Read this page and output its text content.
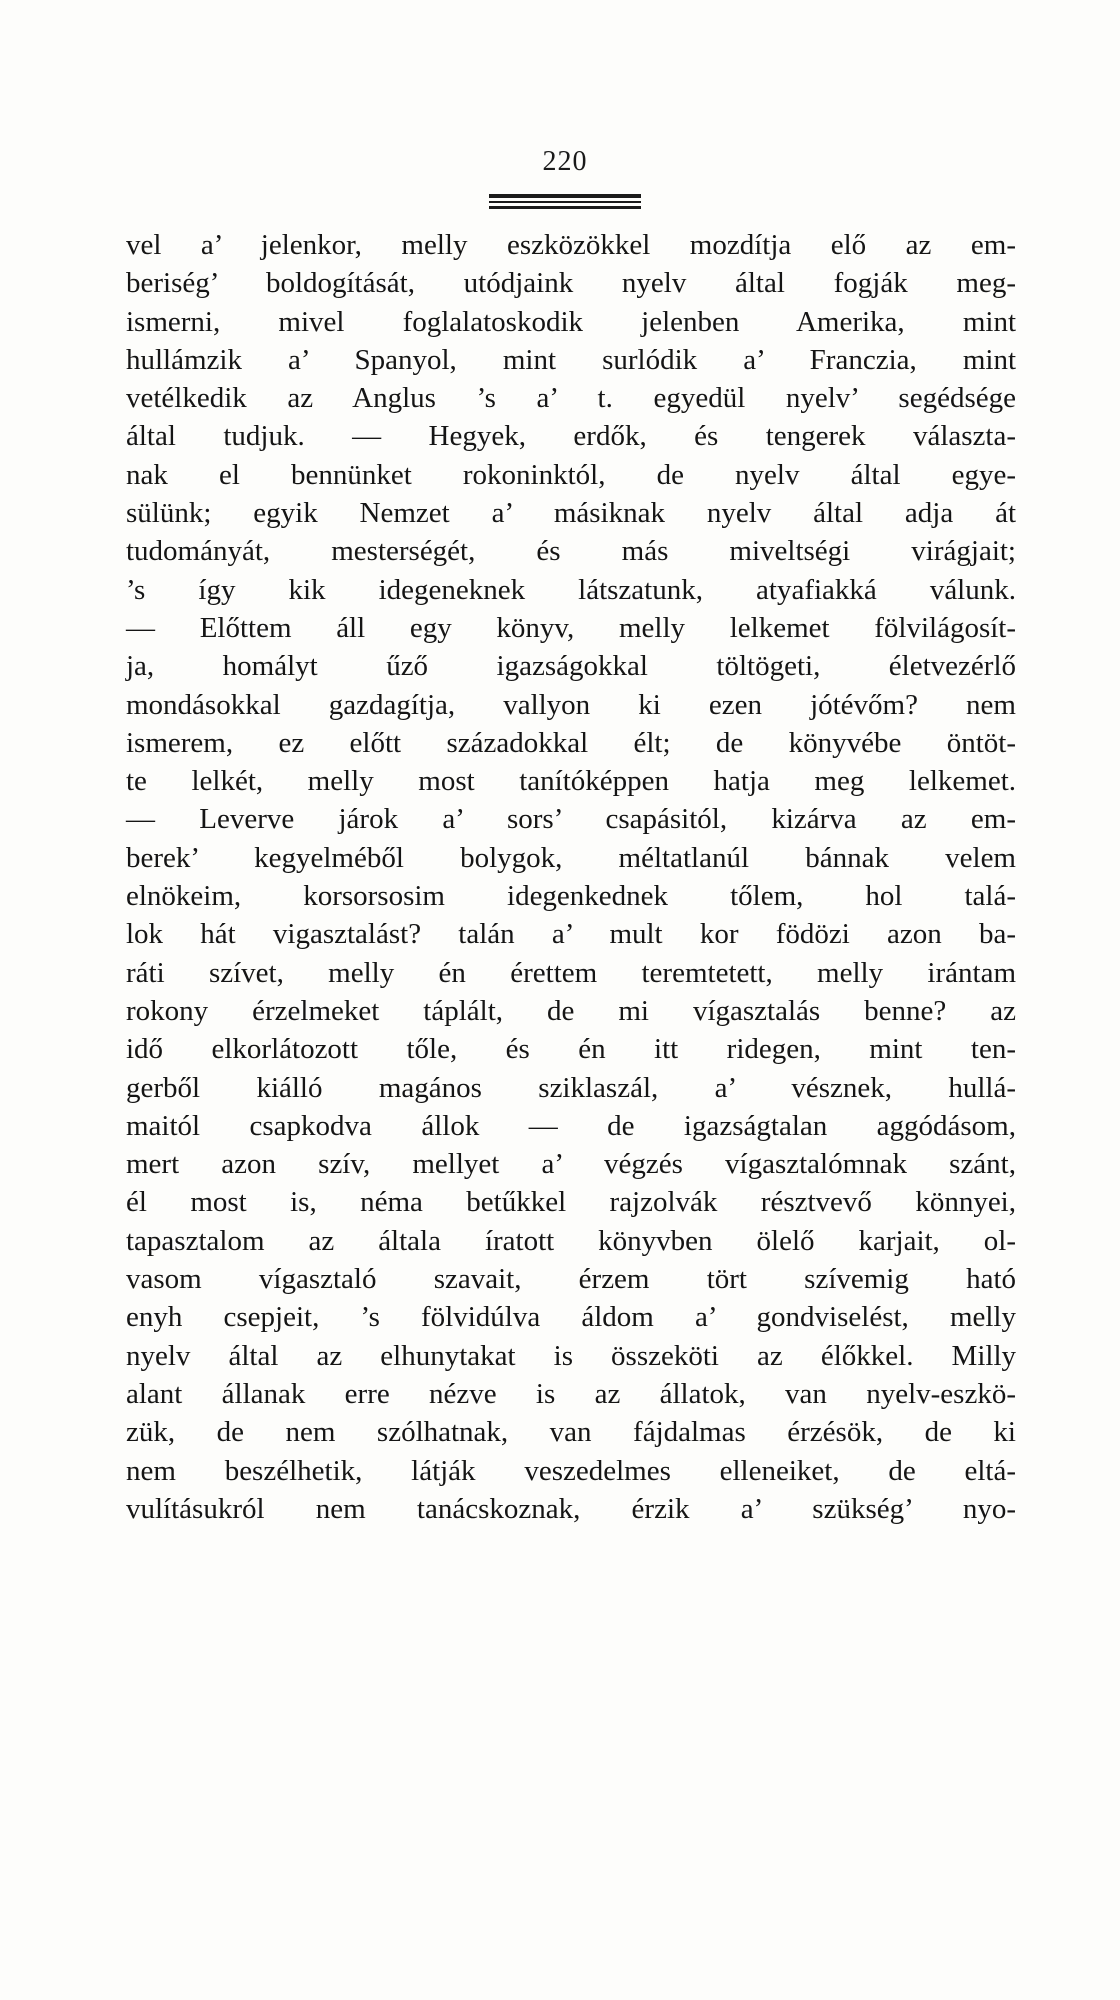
220
vel a’ jelenkor, melly eszközökkel mozdítja elő az em-
beriség’ boldogítását, utódjaink nyelv által fogják meg-
ismerni, mivel foglalatoskodik jelenben Amerika, mint
hullámzik a’ Spanyol, mint surlódik a’ Franczia, mint
vetélkedik az Anglus ’s a’ t. egyedül nyelv’ segédsége
által tudjuk. — Hegyek, erdők, és tengerek választa-
nak el bennünket rokoninktól, de nyelv által egye-
sülünk; egyik Nemzet a’ másiknak nyelv által adja át
tudományát, mesterségét, és más miveltségi virágjait;
’s így kik idegeneknek látszatunk, atyafiakká válunk.
— Előttem áll egy könyv, melly lelkemet fölvilágosít-
ja, homályt űző igazságokkal töltögeti, életvezérlő
mondásokkal gazdagítja, vallyon ki ezen jótévőm? nem
ismerem, ez előtt századokkal élt; de könyvébe öntöt-
te lelkét, melly most tanítóképpen hatja meg lelkemet.
— Leverve járok a’ sors’ csapásitól, kizárva az em-
berek’ kegyelméből bolygok, méltatlanúl bánnak velem
elnökeim, korsorsosim idegenkednek tőlem, hol talá-
lok hát vigasztalást? talán a’ mult kor födözi azon ba-
ráti szívet, melly én érettem teremtetett, melly irántam
rokony érzelmeket táplált, de mi vígasztalás benne? az
idő elkorlátozott tőle, és én itt ridegen, mint ten-
gerből kiálló magános sziklaszál, a’ vésznek, hullá-
maitól csapkodva állok — de igazságtalan aggódásom,
mert azon szív, mellyet a’ végzés vígasztalómnak szánt,
él most is, néma betűkkel rajzolvák résztvevő könnyei,
tapasztalom az általa íratott könyvben ölelő karjait, ol-
vasom vígasztaló szavait, érzem tört szívemig ható
enyh csepjeit, ’s fölvidúlva áldom a’ gondviselést, melly
nyelv által az elhunytakat is összeköti az élőkkel. Milly
alant állanak erre nézve is az állatok, van nyelv-eszkö-
zük, de nem szólhatnak, van fájdalmas érzésök, de ki
nem beszélhetik, látják veszedelmes elleneiket, de eltá-
vulításukról nem tanácskoznak, érzik a’ szükség’ nyo-
